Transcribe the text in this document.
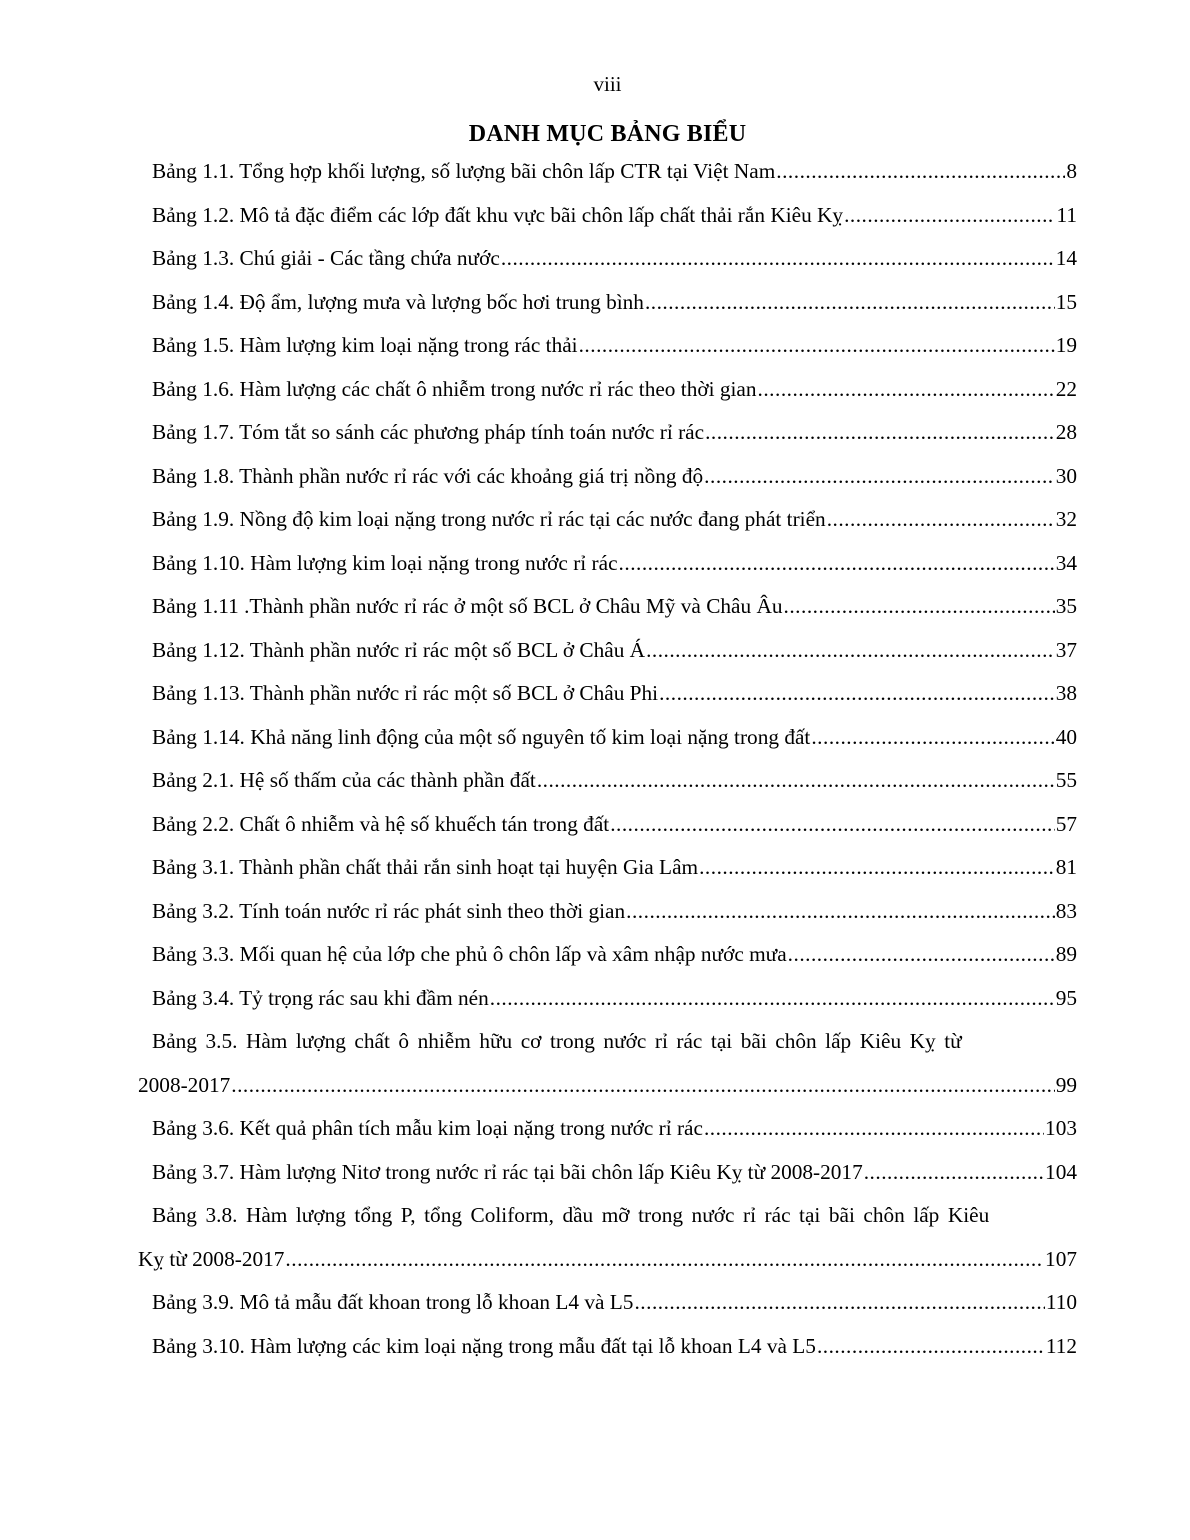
viii
DANH MỤC BẢNG BIỂU
Bảng 1.1. Tổng hợp khối lượng, số lượng bãi chôn lấp CTR tại Việt Nam .....	8
Bảng 1.2. Mô tả đặc điểm các lớp đất khu vực bãi chôn lấp chất thải rắn Kiêu Kỵ .....	11
Bảng 1.3. Chú giải - Các tầng chứa nước .....	14
Bảng 1.4. Độ ẩm, lượng mưa và lượng bốc hơi trung bình .....	15
Bảng 1.5. Hàm lượng kim loại nặng trong rác thải .....	19
Bảng 1.6. Hàm lượng các chất ô nhiễm trong nước rỉ rác theo thời gian .....	22
Bảng 1.7. Tóm tắt so sánh các phương pháp tính toán nước rỉ rác .....	28
Bảng 1.8. Thành phần nước rỉ rác với các khoảng giá trị nồng độ .....	30
Bảng 1.9. Nồng độ kim loại nặng trong nước rỉ rác tại các nước đang phát triển .....	32
Bảng 1.10. Hàm lượng kim loại nặng trong nước rỉ rác .....	34
Bảng 1.11 .Thành phần nước rỉ rác ở một số BCL ở Châu Mỹ và Châu Âu .....	35
Bảng 1.12. Thành phần nước rỉ rác một số BCL ở Châu Á .....	37
Bảng 1.13. Thành phần nước rỉ rác một số BCL ở Châu Phi .....	38
Bảng 1.14. Khả năng linh động của một số nguyên tố kim loại nặng trong đất .....	40
Bảng 2.1. Hệ số thấm của các thành phần đất .....	55
Bảng 2.2. Chất ô nhiễm và hệ số khuếch tán trong đất .....	57
Bảng 3.1. Thành phần chất thải rắn sinh hoạt tại huyện Gia Lâm .....	81
Bảng 3.2. Tính toán nước rỉ rác phát sinh theo thời gian .....	83
Bảng 3.3. Mối quan hệ của lớp che phủ ô chôn lấp và xâm nhập nước mưa .....	89
Bảng 3.4. Tỷ trọng rác sau khi đầm nén .....	95
Bảng 3.5. Hàm lượng chất ô nhiễm hữu cơ trong nước rỉ rác tại bãi chôn lấp Kiêu Kỵ từ
2008-2017 .....	99
Bảng 3.6. Kết quả phân tích mẫu kim loại nặng trong nước rỉ rác .....	103
Bảng 3.7. Hàm lượng Nitơ trong nước rỉ rác tại bãi chôn lấp Kiêu Kỵ từ 2008-2017 .....	104
Bảng 3.8. Hàm lượng tổng P, tổng Coliform, dầu mỡ trong nước rỉ rác tại bãi chôn lấp Kiêu
Kỵ từ 2008-2017 .....	107
Bảng 3.9. Mô tả mẫu đất khoan trong lỗ khoan L4 và L5 .....	110
Bảng 3.10. Hàm lượng các kim loại nặng trong mẫu đất tại lỗ khoan L4 và L5 .....	112
